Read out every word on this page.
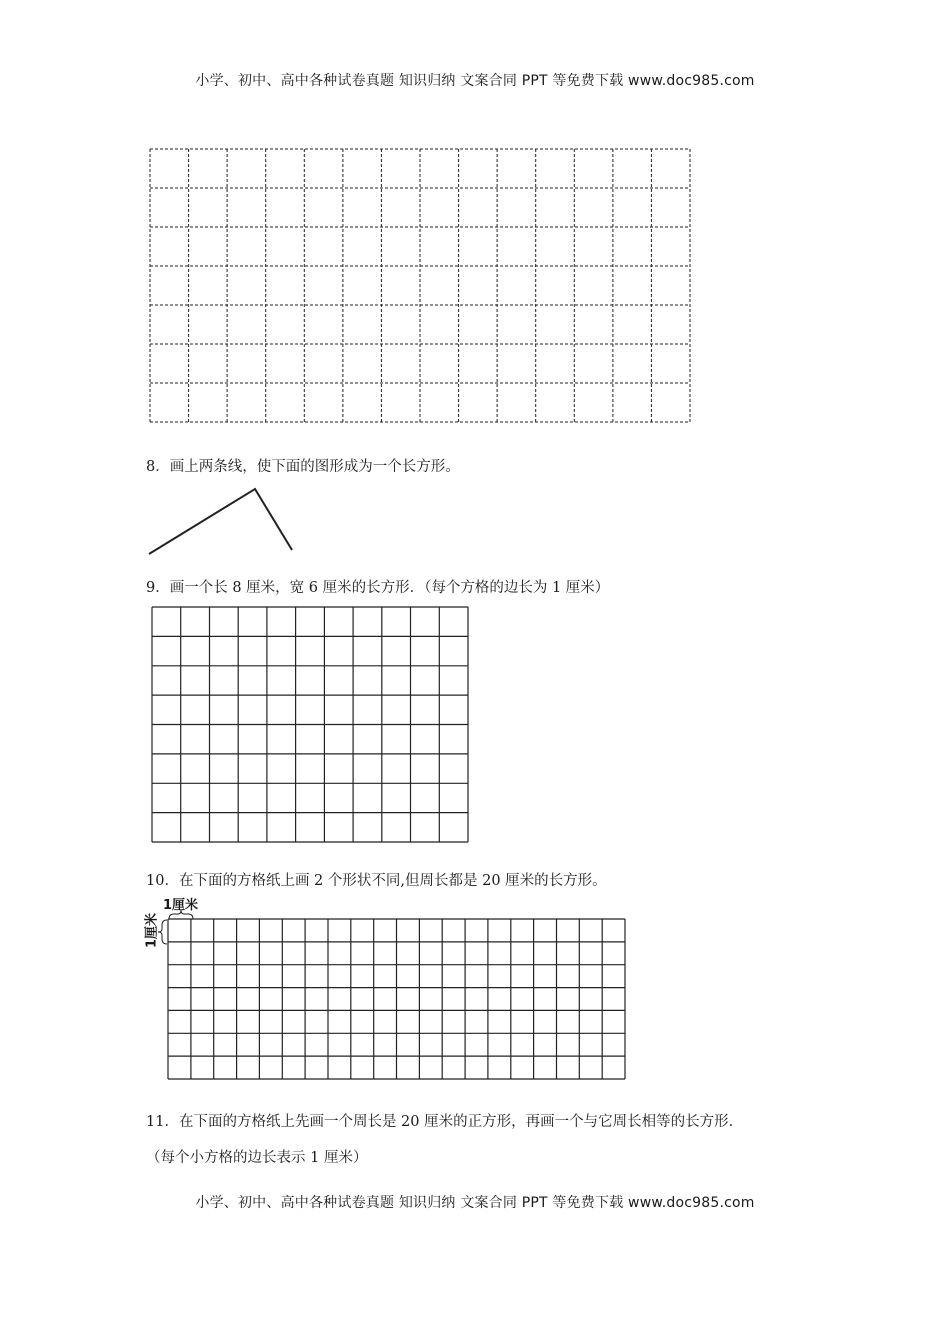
小学、初中、高中各种试卷真题 知识归纳 文案合同 PPT 等免费下载 www.doc985.com
8．画上两条线，使下面的图形成为一个长方形。
9．画一个长 8 厘米，宽 6 厘米的长方形．（每个方格的边长为 1 厘米）
10．在下面的方格纸上画 2 个形状不同,但周长都是 20 厘米的长方形。
1厘米
1厘米
11．在下面的方格纸上先画一个周长是 20 厘米的正方形，再画一个与它周长相等的长方形．
（每个小方格的边长表示 1 厘米）
小学、初中、高中各种试卷真题 知识归纳 文案合同 PPT 等免费下载 www.doc985.com
